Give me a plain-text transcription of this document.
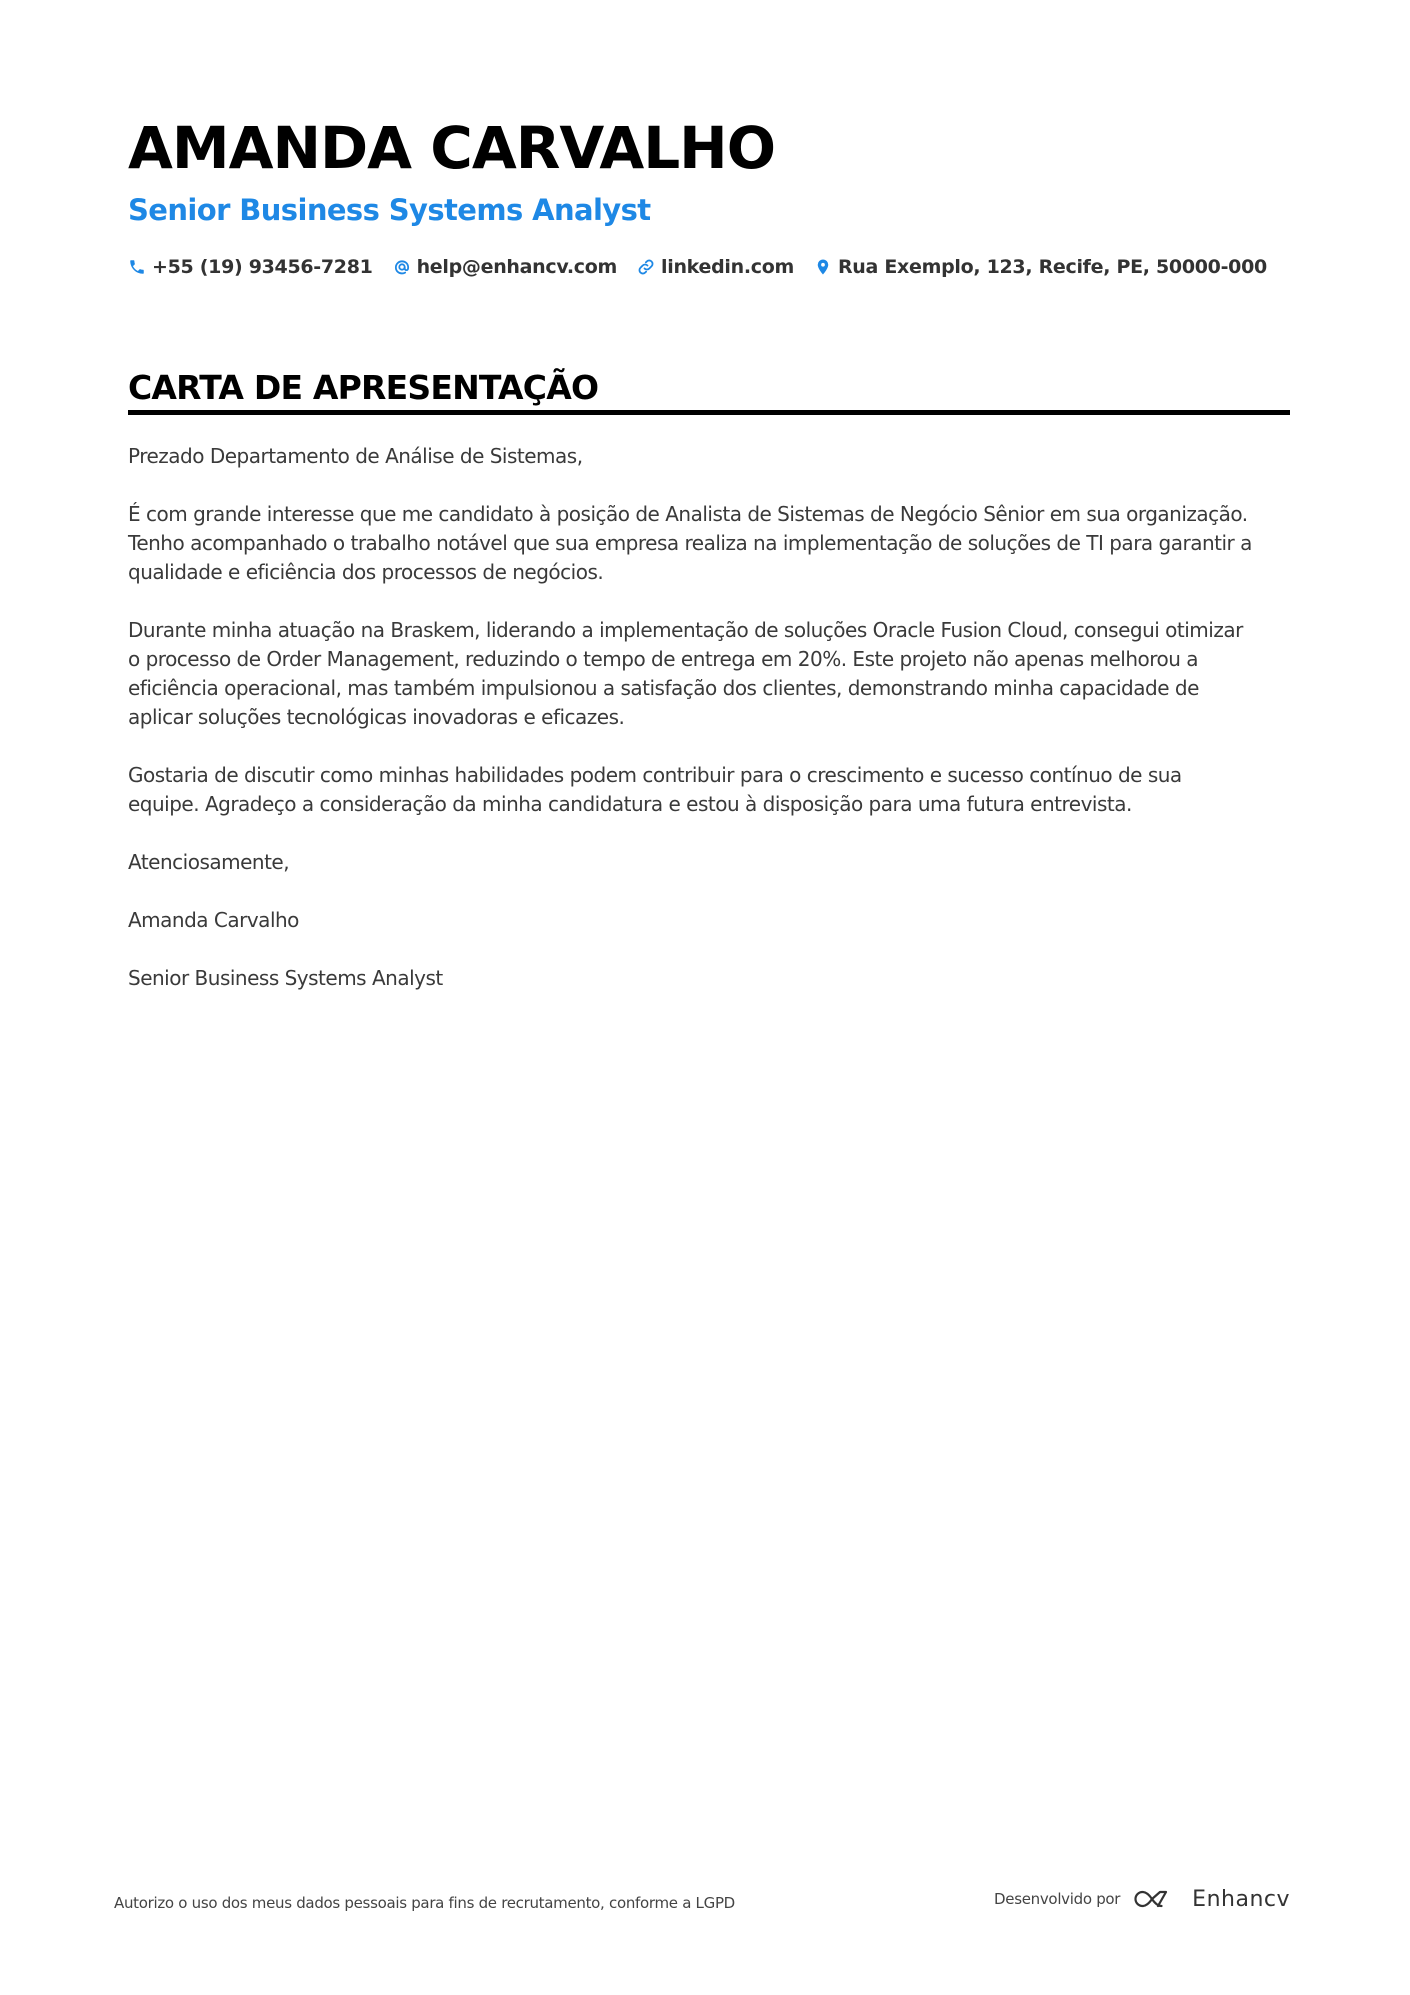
AMANDA CARVALHO
Senior Business Systems Analyst
+55 (19) 93456-7281 help@enhancv.com linkedin.com Rua Exemplo, 123, Recife, PE, 50000-000
CARTA DE APRESENTAÇÃO

Prezado Departamento de Análise de Sistemas,

É com grande interesse que me candidato à posição de Analista de Sistemas de Negócio Sênior em sua organização.
Tenho acompanhado o trabalho notável que sua empresa realiza na implementação de soluções de TI para garantir a
qualidade e eficiência dos processos de negócios.

Durante minha atuação na Braskem, liderando a implementação de soluções Oracle Fusion Cloud, consegui otimizar
o processo de Order Management, reduzindo o tempo de entrega em 20%. Este projeto não apenas melhorou a
eficiência operacional, mas também impulsionou a satisfação dos clientes, demonstrando minha capacidade de
aplicar soluções tecnológicas inovadoras e eficazes.

Gostaria de discutir como minhas habilidades podem contribuir para o crescimento e sucesso contínuo de sua
equipe. Agradeço a consideração da minha candidatura e estou à disposição para uma futura entrevista.

Atenciosamente,

Amanda Carvalho

Senior Business Systems Analyst

Autorizo o uso dos meus dados pessoais para fins de recrutamento, conforme a LGPD	Desenvolvido por	Enhancv
